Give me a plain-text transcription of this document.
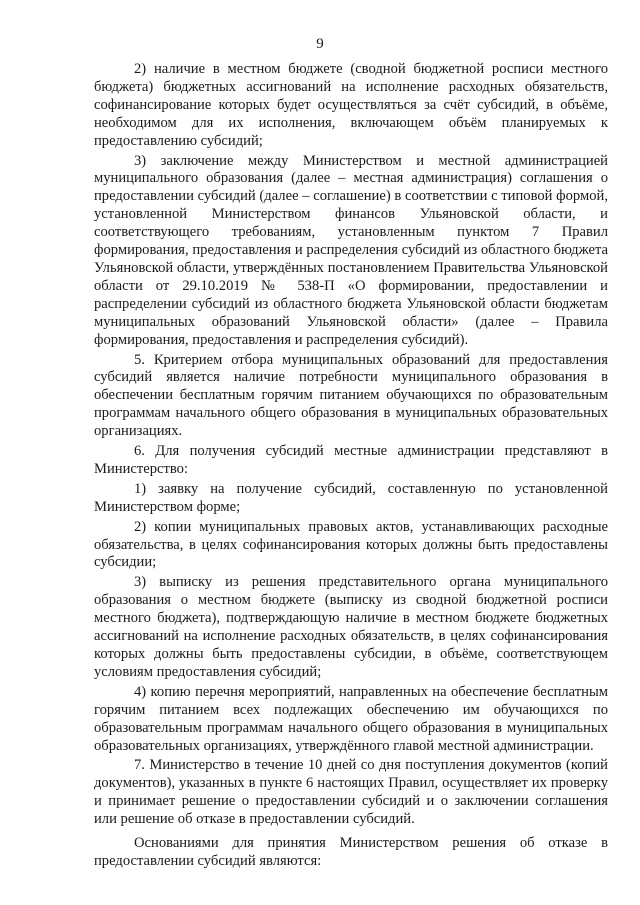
9

2) наличие в местном бюджете (сводной бюджетной росписи местного бюджета) бюджетных ассигнований на исполнение расходных обязательств, софинансирование которых будет осуществляться за счёт субсидий, в объёме, необходимом для их исполнения, включающем объём планируемых к предоставлению субсидий;

3) заключение между Министерством и местной администрацией муниципального образования (далее – местная администрация) соглашения о предоставлении субсидий (далее – соглашение) в соответствии с типовой формой, установленной Министерством финансов Ульяновской области, и соответствующего требованиям, установленным пунктом 7 Правил формирования, предоставления и распределения субсидий из областного бюджета Ульяновской области, утверждённых постановлением Правительства Ульяновской области от 29.10.2019 № 538-П «О формировании, предоставлении и распределении субсидий из областного бюджета Ульяновской области бюджетам муниципальных образований Ульяновской области» (далее – Правила формирования, предоставления и распределения субсидий).

5. Критерием отбора муниципальных образований для предоставления субсидий является наличие потребности муниципального образования в обеспечении бесплатным горячим питанием обучающихся по образовательным программам начального общего образования в муниципальных образовательных организациях.

6. Для получения субсидий местные администрации представляют в Министерство:

1) заявку на получение субсидий, составленную по установленной Министерством форме;

2) копии муниципальных правовых актов, устанавливающих расходные обязательства, в целях софинансирования которых должны быть предоставлены субсидии;

3) выписку из решения представительного органа муниципального образования о местном бюджете (выписку из сводной бюджетной росписи местного бюджета), подтверждающую наличие в местном бюджете бюджетных ассигнований на исполнение расходных обязательств, в целях софинансирования которых должны быть предоставлены субсидии, в объёме, соответствующем условиям предоставления субсидий;

4) копию перечня мероприятий, направленных на обеспечение бесплатным горячим питанием всех подлежащих обеспечению им обучающихся по образовательным программам начального общего образования в муниципальных образовательных организациях, утверждённого главой местной администрации.

7. Министерство в течение 10 дней со дня поступления документов (копий документов), указанных в пункте 6 настоящих Правил, осуществляет их проверку и принимает решение о предоставлении субсидий и о заключении соглашения или решение об отказе в предоставлении субсидий.

Основаниями для принятия Министерством решения об отказе в предоставлении субсидий являются:
